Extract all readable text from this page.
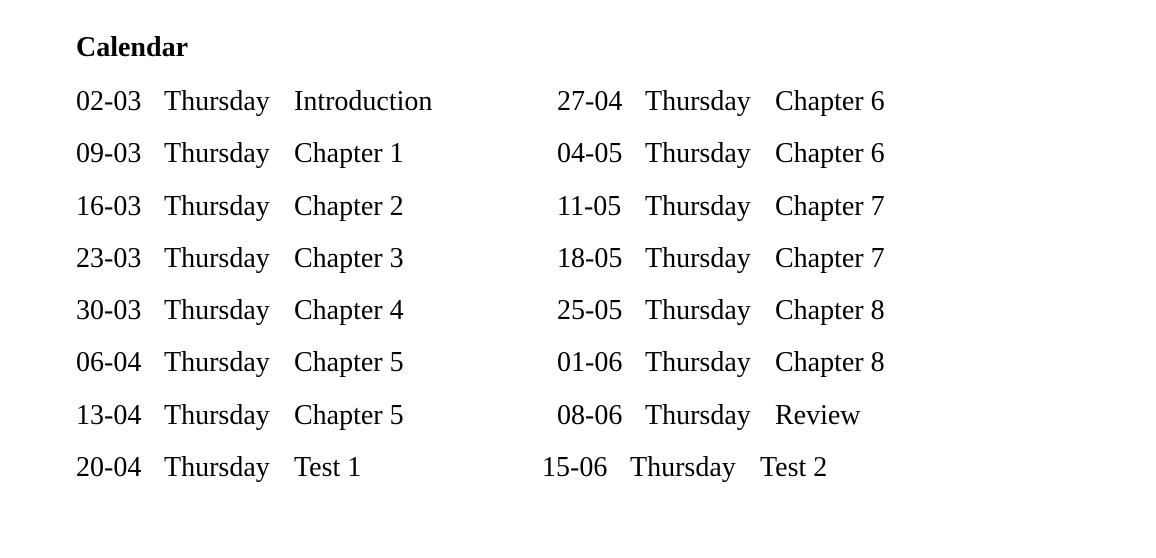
Calendar
02-03 Thursday Introduction
09-03 Thursday Chapter 1
16-03 Thursday Chapter 2
23-03 Thursday Chapter 3
30-03 Thursday Chapter 4
06-04 Thursday Chapter 5
13-04 Thursday Chapter 5
20-04 Thursday Test 1
27-04 Thursday Chapter 6
04-05 Thursday Chapter 6
11-05 Thursday Chapter 7
18-05 Thursday Chapter 7
25-05 Thursday Chapter 8
01-06 Thursday Chapter 8
08-06 Thursday Review
15-06 Thursday Test 2
